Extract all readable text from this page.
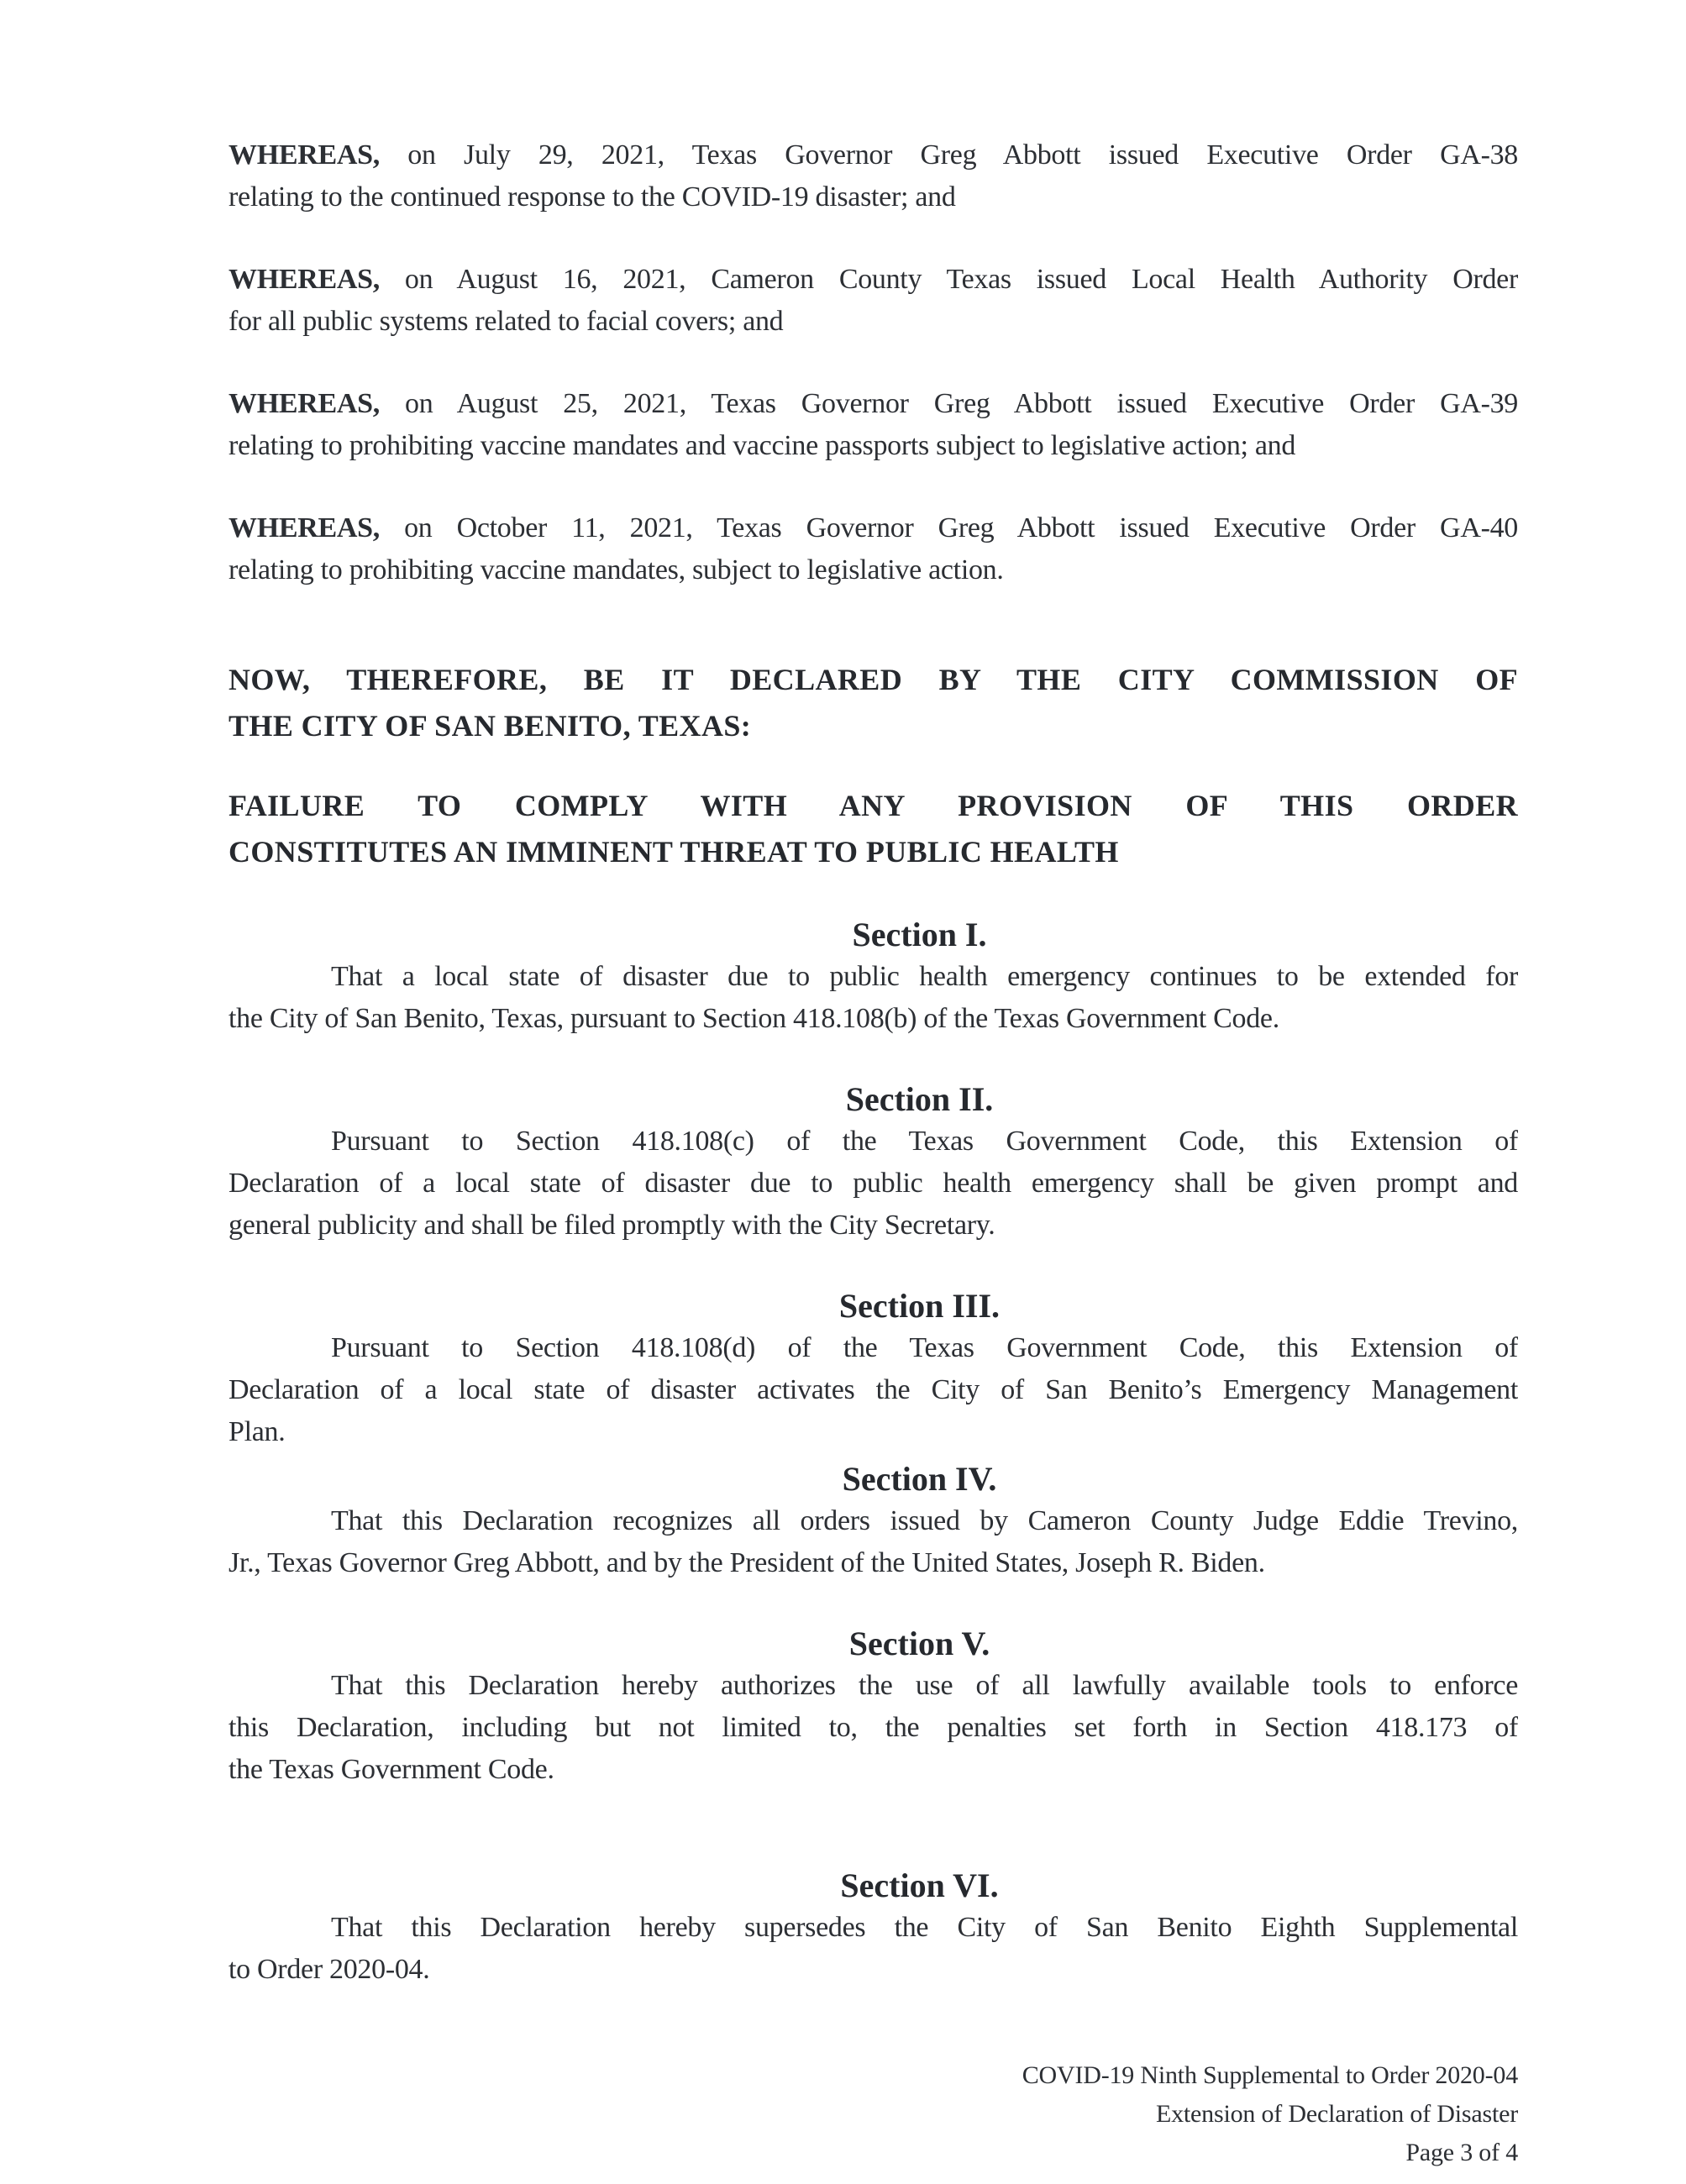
WHEREAS, on July 29, 2021, Texas Governor Greg Abbott issued Executive Order GA-38
relating to the continued response to the COVID-19 disaster; and
WHEREAS, on August 16, 2021, Cameron County Texas issued Local Health Authority Order
for all public systems related to facial covers; and
WHEREAS, on August 25, 2021, Texas Governor Greg Abbott issued Executive Order GA-39
relating to prohibiting vaccine mandates and vaccine passports subject to legislative action; and
WHEREAS, on October 11, 2021, Texas Governor Greg Abbott issued Executive Order GA-40
relating to prohibiting vaccine mandates, subject to legislative action.
NOW, THEREFORE, BE IT DECLARED BY THE CITY COMMISSION OF
THE CITY OF SAN BENITO, TEXAS:
FAILURE TO COMPLY WITH ANY PROVISION OF THIS ORDER
CONSTITUTES AN IMMINENT THREAT TO PUBLIC HEALTH
Section I.
That a local state of disaster due to public health emergency continues to be extended for
the City of San Benito, Texas, pursuant to Section 418.108(b) of the Texas Government Code.
Section II.
Pursuant to Section 418.108(c) of the Texas Government Code, this Extension of
Declaration of a local state of disaster due to public health emergency shall be given prompt and
general publicity and shall be filed promptly with the City Secretary.
Section III.
Pursuant to Section 418.108(d) of the Texas Government Code, this Extension of
Declaration of a local state of disaster activates the City of San Benito’s Emergency Management
Plan.
Section IV.
That this Declaration recognizes all orders issued by Cameron County Judge Eddie Trevino,
Jr., Texas Governor Greg Abbott, and by the President of the United States, Joseph R. Biden.
Section V.
That this Declaration hereby authorizes the use of all lawfully available tools to enforce
this Declaration, including but not limited to, the penalties set forth in Section 418.173 of
the Texas Government Code.
Section VI.
That this Declaration hereby supersedes the City of San Benito Eighth Supplemental
to Order 2020-04.
COVID-19 Ninth Supplemental to Order 2020-04
Extension of Declaration of Disaster
Page 3 of 4
